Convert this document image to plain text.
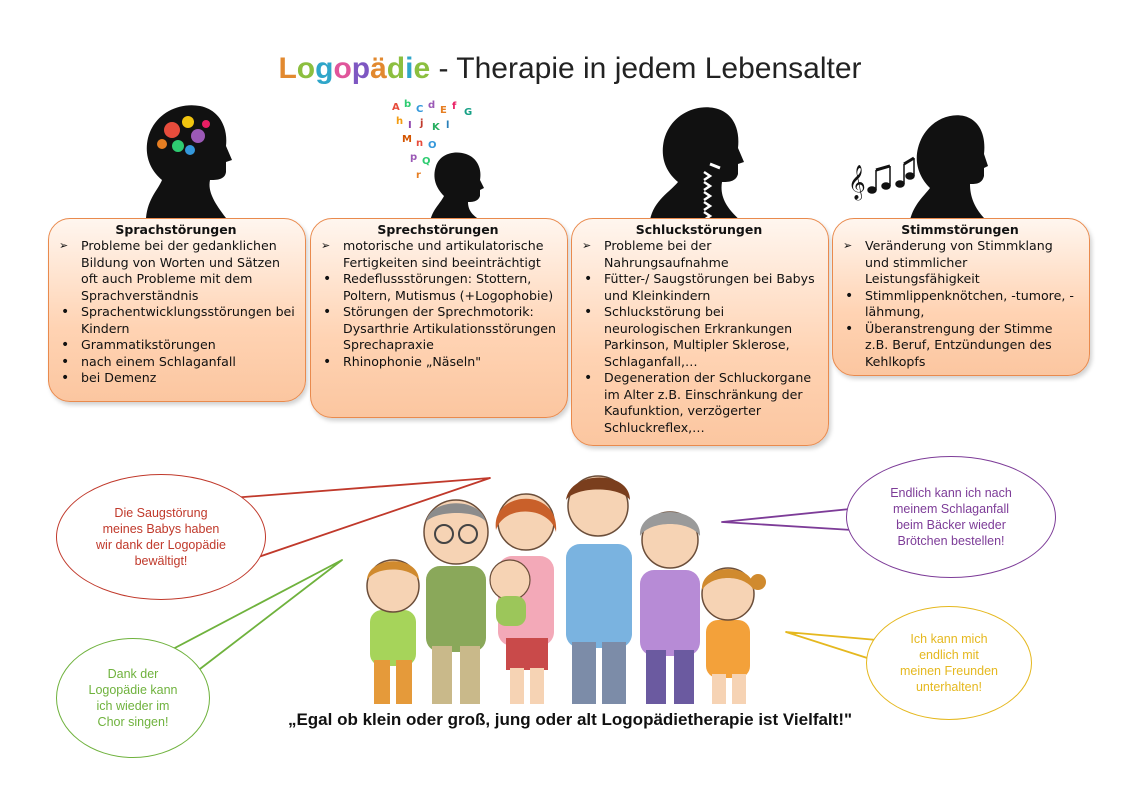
Logopädie - Therapie in jedem Lebensalter
A b C d E f
G
h I j K l
M n O
p Q
r	𝄞
Sprachstörungen
➢ Probleme bei der gedanklichen Bildung von Worten und Sätzen oft auch Probleme mit dem Sprachverständnis
• Sprachentwicklungsstörungen bei Kindern
• Grammatikstörungen
• nach einem Schlaganfall
• bei Demenz
Sprechstörungen
➢ motorische und artikulatorische Fertigkeiten sind beeinträchtigt
• Redeflussstörungen: Stottern, Poltern, Mutismus (+Logophobie)
• Störungen der Sprechmotorik: Dysarthrie Artikulationsstörungen Sprechapraxie
• Rhinophonie „Näseln"
Schluckstörungen
➢ Probleme bei der Nahrungsaufnahme
• Fütter-/ Saugstörungen bei Babys und Kleinkindern
• Schluckstörung bei neurologischen Erkrankungen Parkinson, Multipler Sklerose, Schlaganfall,…
• Degeneration der Schluckorgane im Alter z.B. Einschränkung der Kaufunktion, verzögerter Schluckreflex,…
Stimmstörungen
➢ Veränderung von Stimmklang und stimmlicher Leistungsfähigkeit
• Stimmlippenknötchen, -tumore, -lähmung,
• Überanstrengung der Stimme z.B. Beruf, Entzündungen des Kehlkopfs
Die Saugstörung
meines Babys haben
wir dank der Logopädie
bewältigt!
Dank der
Logopädie kann
ich wieder im
Chor singen!
Endlich kann ich nach
meinem Schlaganfall
beim Bäcker wieder
Brötchen bestellen!
Ich kann mich
endlich mit
meinen Freunden
unterhalten!
„Egal ob klein oder groß, jung oder alt Logopädietherapie ist Vielfalt!"
